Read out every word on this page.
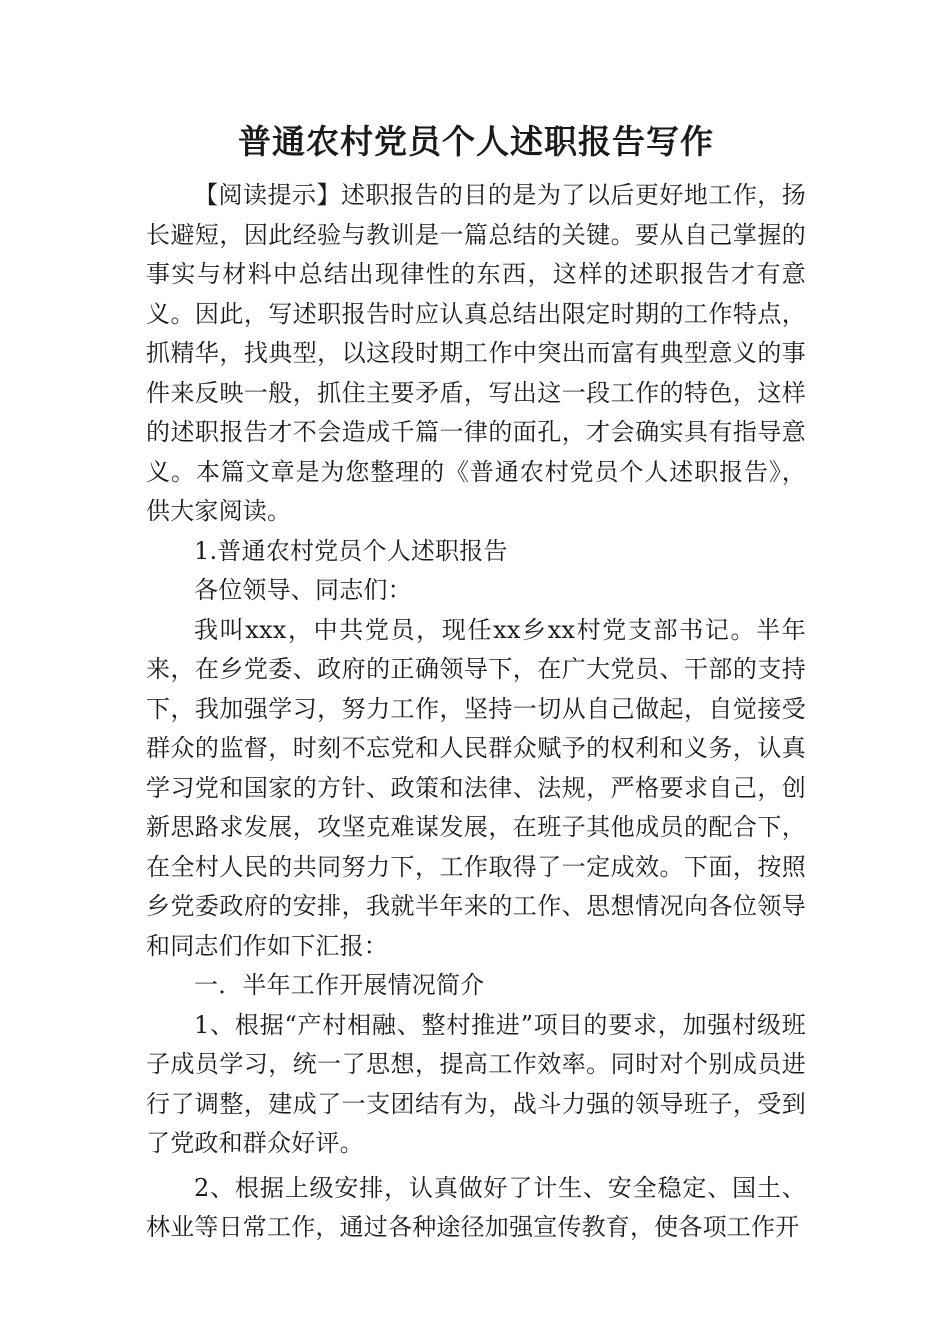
普通农村党员个人述职报告写作

【阅读提示】述职报告的目的是为了以后更好地工作，扬长避短，因此经验与教训是一篇总结的关键。要从自己掌握的事实与材料中总结出现律性的东西，这样的述职报告才有意义。因此，写述职报告时应认真总结出限定时期的工作特点，抓精华，找典型，以这段时期工作中突出而富有典型意义的事件来反映一般，抓住主要矛盾，写出这一段工作的特色，这样的述职报告才不会造成千篇一律的面孔，才会确实具有指导意义。本篇文章是为您整理的《普通农村党员个人述职报告》，供大家阅读。

1.普通农村党员个人述职报告

各位领导、同志们：

我叫xxx，中共党员，现任xx乡xx村党支部书记。半年来，在乡党委、政府的正确领导下，在广大党员、干部的支持下，我加强学习，努力工作，坚持一切从自己做起，自觉接受群众的监督，时刻不忘党和人民群众赋予的权利和义务，认真学习党和国家的方针、政策和法律、法规，严格要求自己，创新思路求发展，攻坚克难谋发展，在班子其他成员的配合下，在全村人民的共同努力下，工作取得了一定成效。下面，按照乡党委政府的安排，我就半年来的工作、思想情况向各位领导和同志们作如下汇报：

一．半年工作开展情况简介

1、根据“产村相融、整村推进”项目的要求，加强村级班子成员学习，统一了思想，提高工作效率。同时对个别成员进行了调整，建成了一支团结有为，战斗力强的领导班子，受到了党政和群众好评。

2、根据上级安排，认真做好了计生、安全稳定、国土、林业等日常工作，通过各种途径加强宣传教育，使各项工作开
